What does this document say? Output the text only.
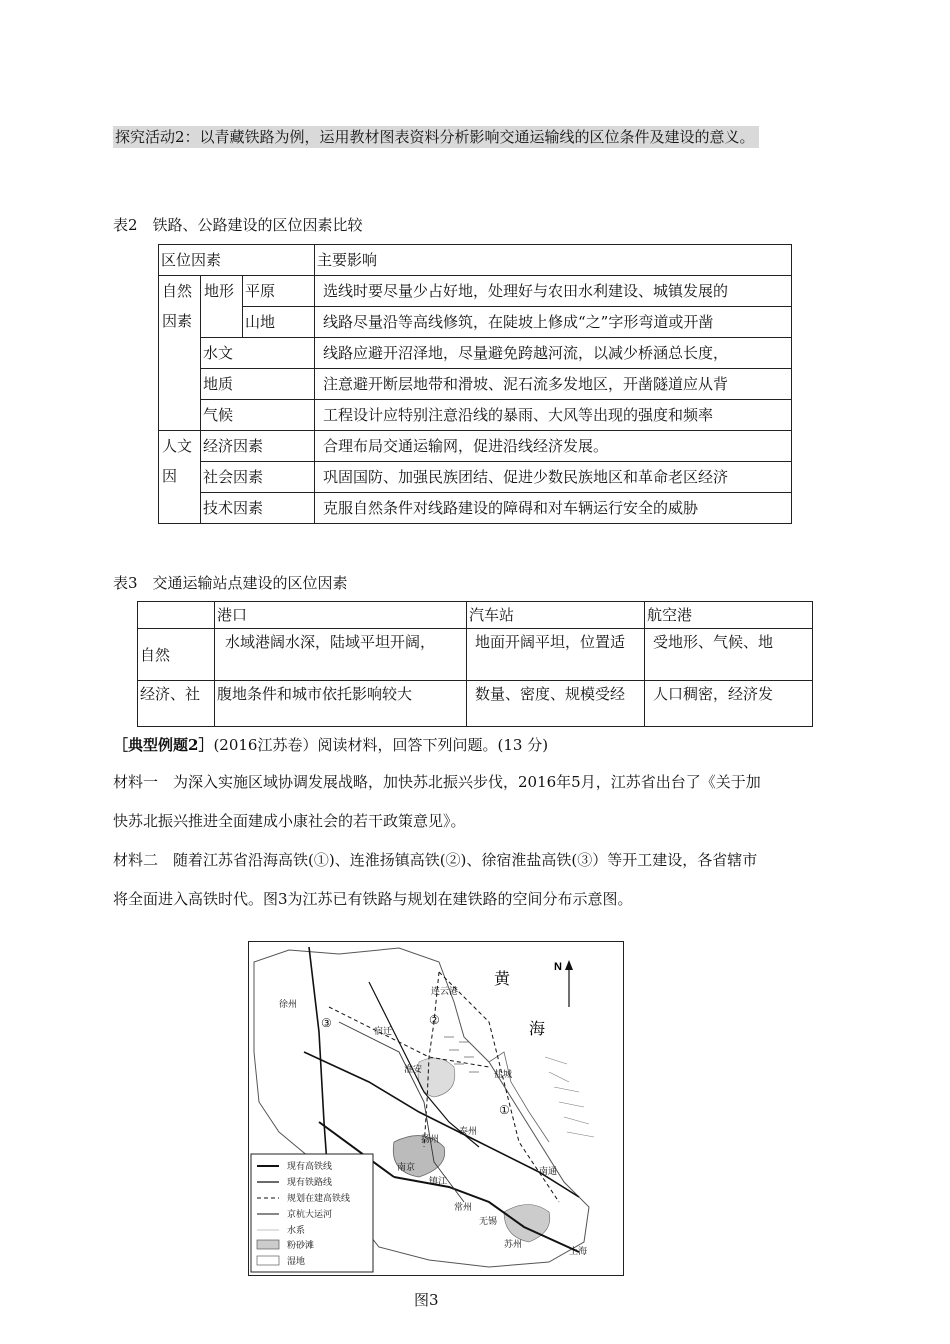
探究活动2：以青藏铁路为例，运用教材图表资料分析影响交通运输线的区位条件及建设的意义。
表2　铁路、公路建设的区位因素比较
区位因素			主要影响
自然因素	地形	平原	选线时要尽量少占好地，处理好与农田水利建设、城镇发展的
		山地	线路尽量沿等高线修筑，在陡坡上修成“之”字形弯道或开凿
	水文		线路应避开沼泽地，尽量避免跨越河流，以减少桥涵总长度，
	地质		注意避开断层地带和滑坡、泥石流多发地区，开凿隧道应从背
	气候		工程设计应特别注意沿线的暴雨、大风等出现的强度和频率
人文因	经济因素		合理布局交通运输网，促进沿线经济发展。
	社会因素		巩固国防、加强民族团结、促进少数民族地区和革命老区经济
	技术因素		克服自然条件对线路建设的障碍和对车辆运行安全的威胁
表3　交通运输站点建设的区位因素
	港口	汽车站	航空港
自然	水域港阔水深，陆域平坦开阔，	地面开阔平坦，位置适	受地形、气候、地
经济、社	腹地条件和城市依托影响较大	数量、密度、规模受经	人口稠密，经济发
［典型例题2］(2016江苏卷）阅读材料，回答下列问题。(13 分)
材料一　为深入实施区域协调发展战略，加快苏北振兴步伐，2016年5月，江苏省出台了《关于加
快苏北振兴推进全面建成小康社会的若干政策意见》。
材料二　随着江苏省沿海高铁(①)、连淮扬镇高铁(②)、徐宿淮盐高铁(③）等开工建设，各省辖市
将全面进入高铁时代。图3为江苏已有铁路与规划在建铁路的空间分布示意图。
N
黄
海
连云港
徐州
宿迁
淮安	盐城
扬州
泰州
南京
镇江
常州
南通
无锡
苏州
上海
①
②
③
现有高铁线
现有铁路线
规划在建高铁线
京杭大运河
水系
粉砂滩
湿地
图3
